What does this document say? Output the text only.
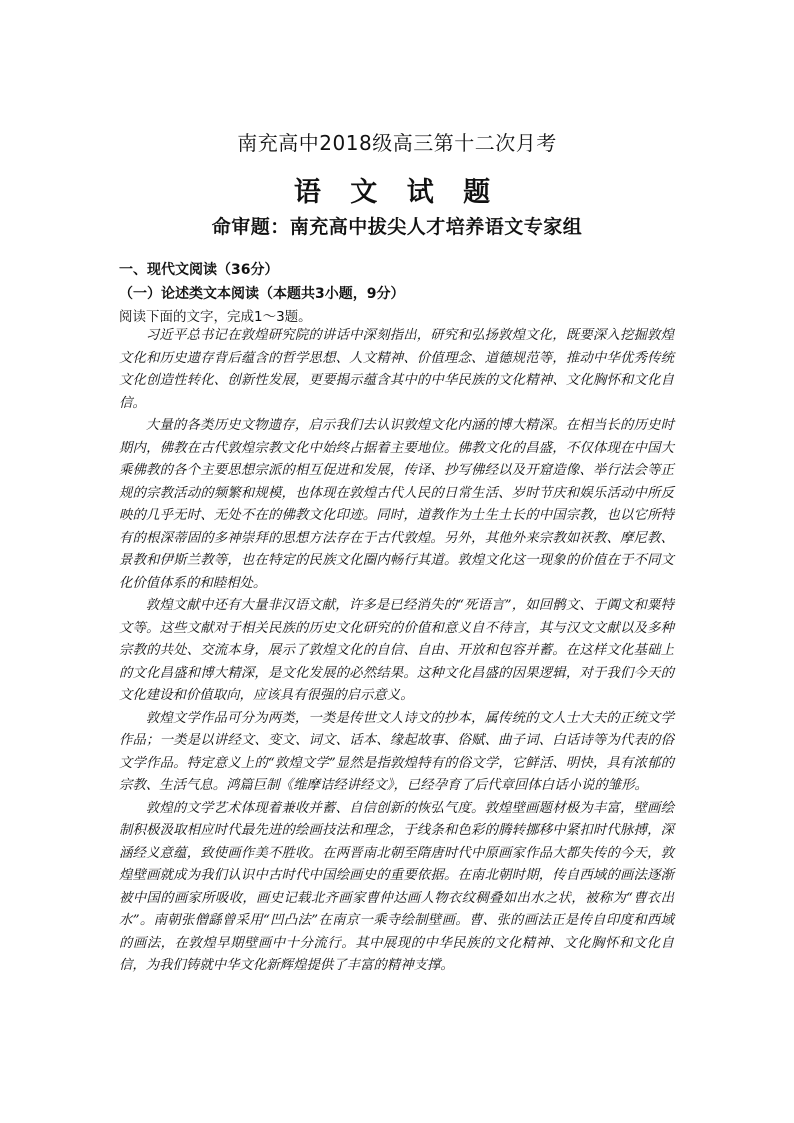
南充高中2018级高三第十二次月考
语 文 试 题
命审题：南充高中拔尖人才培养语文专家组
一、现代文阅读（36分）
（一）论述类文本阅读（本题共3小题，9分）
阅读下面的文字，完成1～3题。

习近平总书记在敦煌研究院的讲话中深刻指出，研究和弘扬敦煌文化，既要深入挖掘敦煌文化和历史遗存背后蕴含的哲学思想、人文精神、价值理念、道德规范等，推动中华优秀传统文化创造性转化、创新性发展，更要揭示蕴含其中的中华民族的文化精神、文化胸怀和文化自信。

大量的各类历史文物遗存，启示我们去认识敦煌文化内涵的博大精深。在相当长的历史时期内，佛教在古代敦煌宗教文化中始终占据着主要地位。佛教文化的昌盛，不仅体现在中国大乘佛教的各个主要思想宗派的相互促进和发展，传译、抄写佛经以及开窟造像、举行法会等正规的宗教活动的频繁和规模，也体现在敦煌古代人民的日常生活、岁时节庆和娱乐活动中所反映的几乎无时、无处不在的佛教文化印迹。同时，道教作为土生土长的中国宗教，也以它所特有的根深蒂固的多神崇拜的思想方法存在于古代敦煌。另外，其他外来宗教如祆教、摩尼教、景教和伊斯兰教等，也在特定的民族文化圈内畅行其道。敦煌文化这一现象的价值在于不同文化价值体系的和睦相处。

敦煌文献中还有大量非汉语文献，许多是已经消失的“死语言”，如回鹘文、于阗文和粟特文等。这些文献对于相关民族的历史文化研究的价值和意义自不待言，其与汉文文献以及多种宗教的共处、交流本身，展示了敦煌文化的自信、自由、开放和包容并蓄。在这样文化基础上的文化昌盛和博大精深，是文化发展的必然结果。这种文化昌盛的因果逻辑，对于我们今天的文化建设和价值取向，应该具有很强的启示意义。

敦煌文学作品可分为两类，一类是传世文人诗文的抄本，属传统的文人士大夫的正统文学作品；一类是以讲经文、变文、词文、话本、缘起故事、俗赋、曲子词、白话诗等为代表的俗文学作品。特定意义上的“敦煌文学”显然是指敦煌特有的俗文学，它鲜活、明快，具有浓郁的宗教、生活气息。鸿篇巨制《维摩诘经讲经文》，已经孕育了后代章回体白话小说的雏形。

敦煌的文学艺术体现着兼收并蓄、自信创新的恢弘气度。敦煌壁画题材极为丰富，壁画绘制积极汲取相应时代最先进的绘画技法和理念，于线条和色彩的腾转挪移中紧扣时代脉搏，深涵经义意蕴，致使画作美不胜收。在两晋南北朝至隋唐时代中原画家作品大都失传的今天，敦煌壁画就成为我们认识中古时代中国绘画史的重要依据。在南北朝时期，传自西域的画法逐渐被中国的画家所吸收，画史记载北齐画家曹仲达画人物衣纹稠叠如出水之状，被称为“曹衣出水”。南朝张僧繇曾采用“凹凸法”在南京一乘寺绘制壁画。曹、张的画法正是传自印度和西域的画法，在敦煌早期壁画中十分流行。其中展现的中华民族的文化精神、文化胸怀和文化自信，为我们铸就中华文化新辉煌提供了丰富的精神支撑。
